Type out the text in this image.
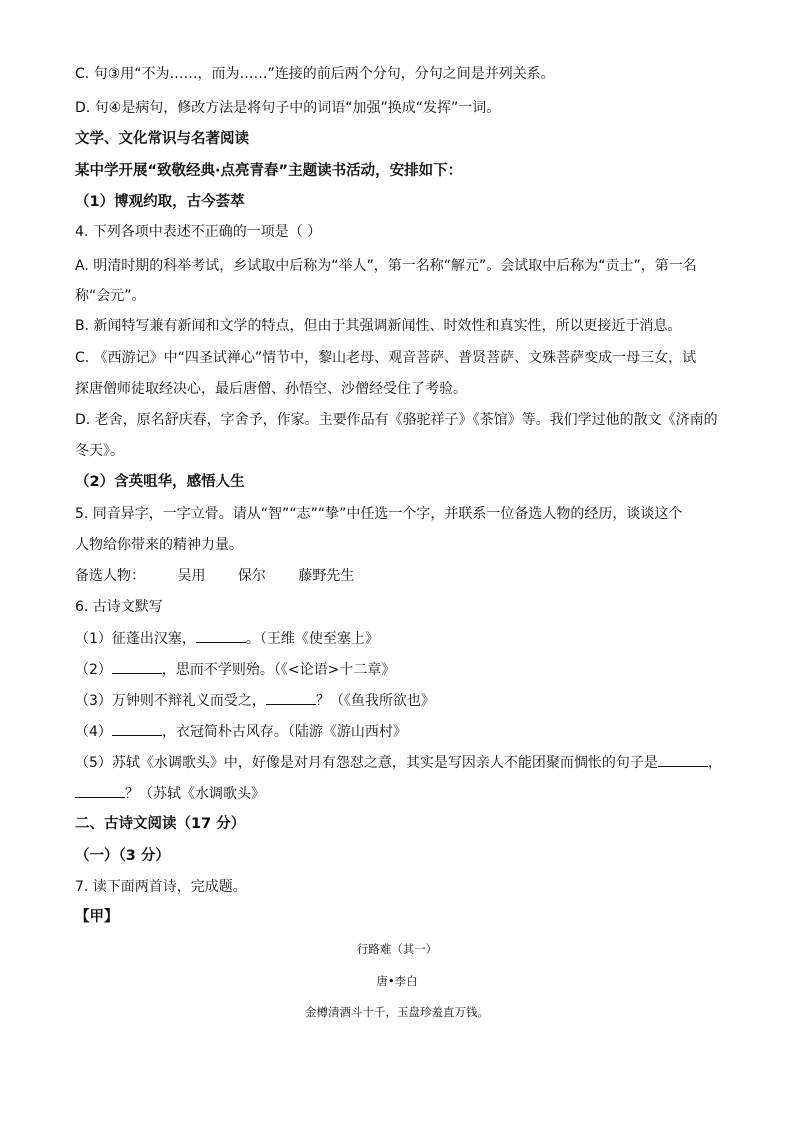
C. 句③用“不为……，而为……”连接的前后两个分句，分句之间是并列关系。
D. 句④是病句，修改方法是将句子中的词语“加强”换成“发挥”一词。
文学、文化常识与名著阅读
某中学开展“致敬经典·点亮青春”主题读书活动，安排如下：
（1）博观约取，古今荟萃
4. 下列各项中表述不正确的一项是（ ）
A. 明清时期的科举考试，乡试取中后称为“举人”，第一名称“解元”。会试取中后称为“贡士”，第一名
称“会元”。
B. 新闻特写兼有新闻和文学的特点，但由于其强调新闻性、时效性和真实性，所以更接近于消息。
C. 《西游记》中“四圣试禅心”情节中，黎山老母、观音菩萨、普贤菩萨、文殊菩萨变成一母三女，试
探唐僧师徒取经决心，最后唐僧、孙悟空、沙僧经受住了考验。
D. 老舍，原名舒庆春，字舍予，作家。主要作品有《骆驼祥子》《茶馆》等。我们学过他的散文《济南的
冬天》。
（2）含英咀华，感悟人生
5. 同音异字，一字立骨。请从“智”“志”“挚”中任选一个字，并联系一位备选人物的经历，谈谈这个
人物给你带来的精神力量。
备选人物： 吴用 保尔 藤野先生
6. 古诗文默写
（1）征蓬出汉塞，	。（王维《使至塞上》
（2）	，思而不学则殆。（《<论语>十二章》
（3）万钟则不辩礼义而受之，	？（《鱼我所欲也》
（4）	，衣冠简朴古风存。（陆游《游山西村》
（5）苏轼《水调歌头》中，好像是对月有怨怼之意，其实是写因亲人不能团聚而惆怅的句子是	，
？（苏轼《水调歌头》
二、古诗文阅读（17 分）
（一）（3 分）
7. 读下面两首诗，完成题。
【甲】
行路难（其一）
唐•李白
金樽清酒斗十千，玉盘珍羞直万钱。
